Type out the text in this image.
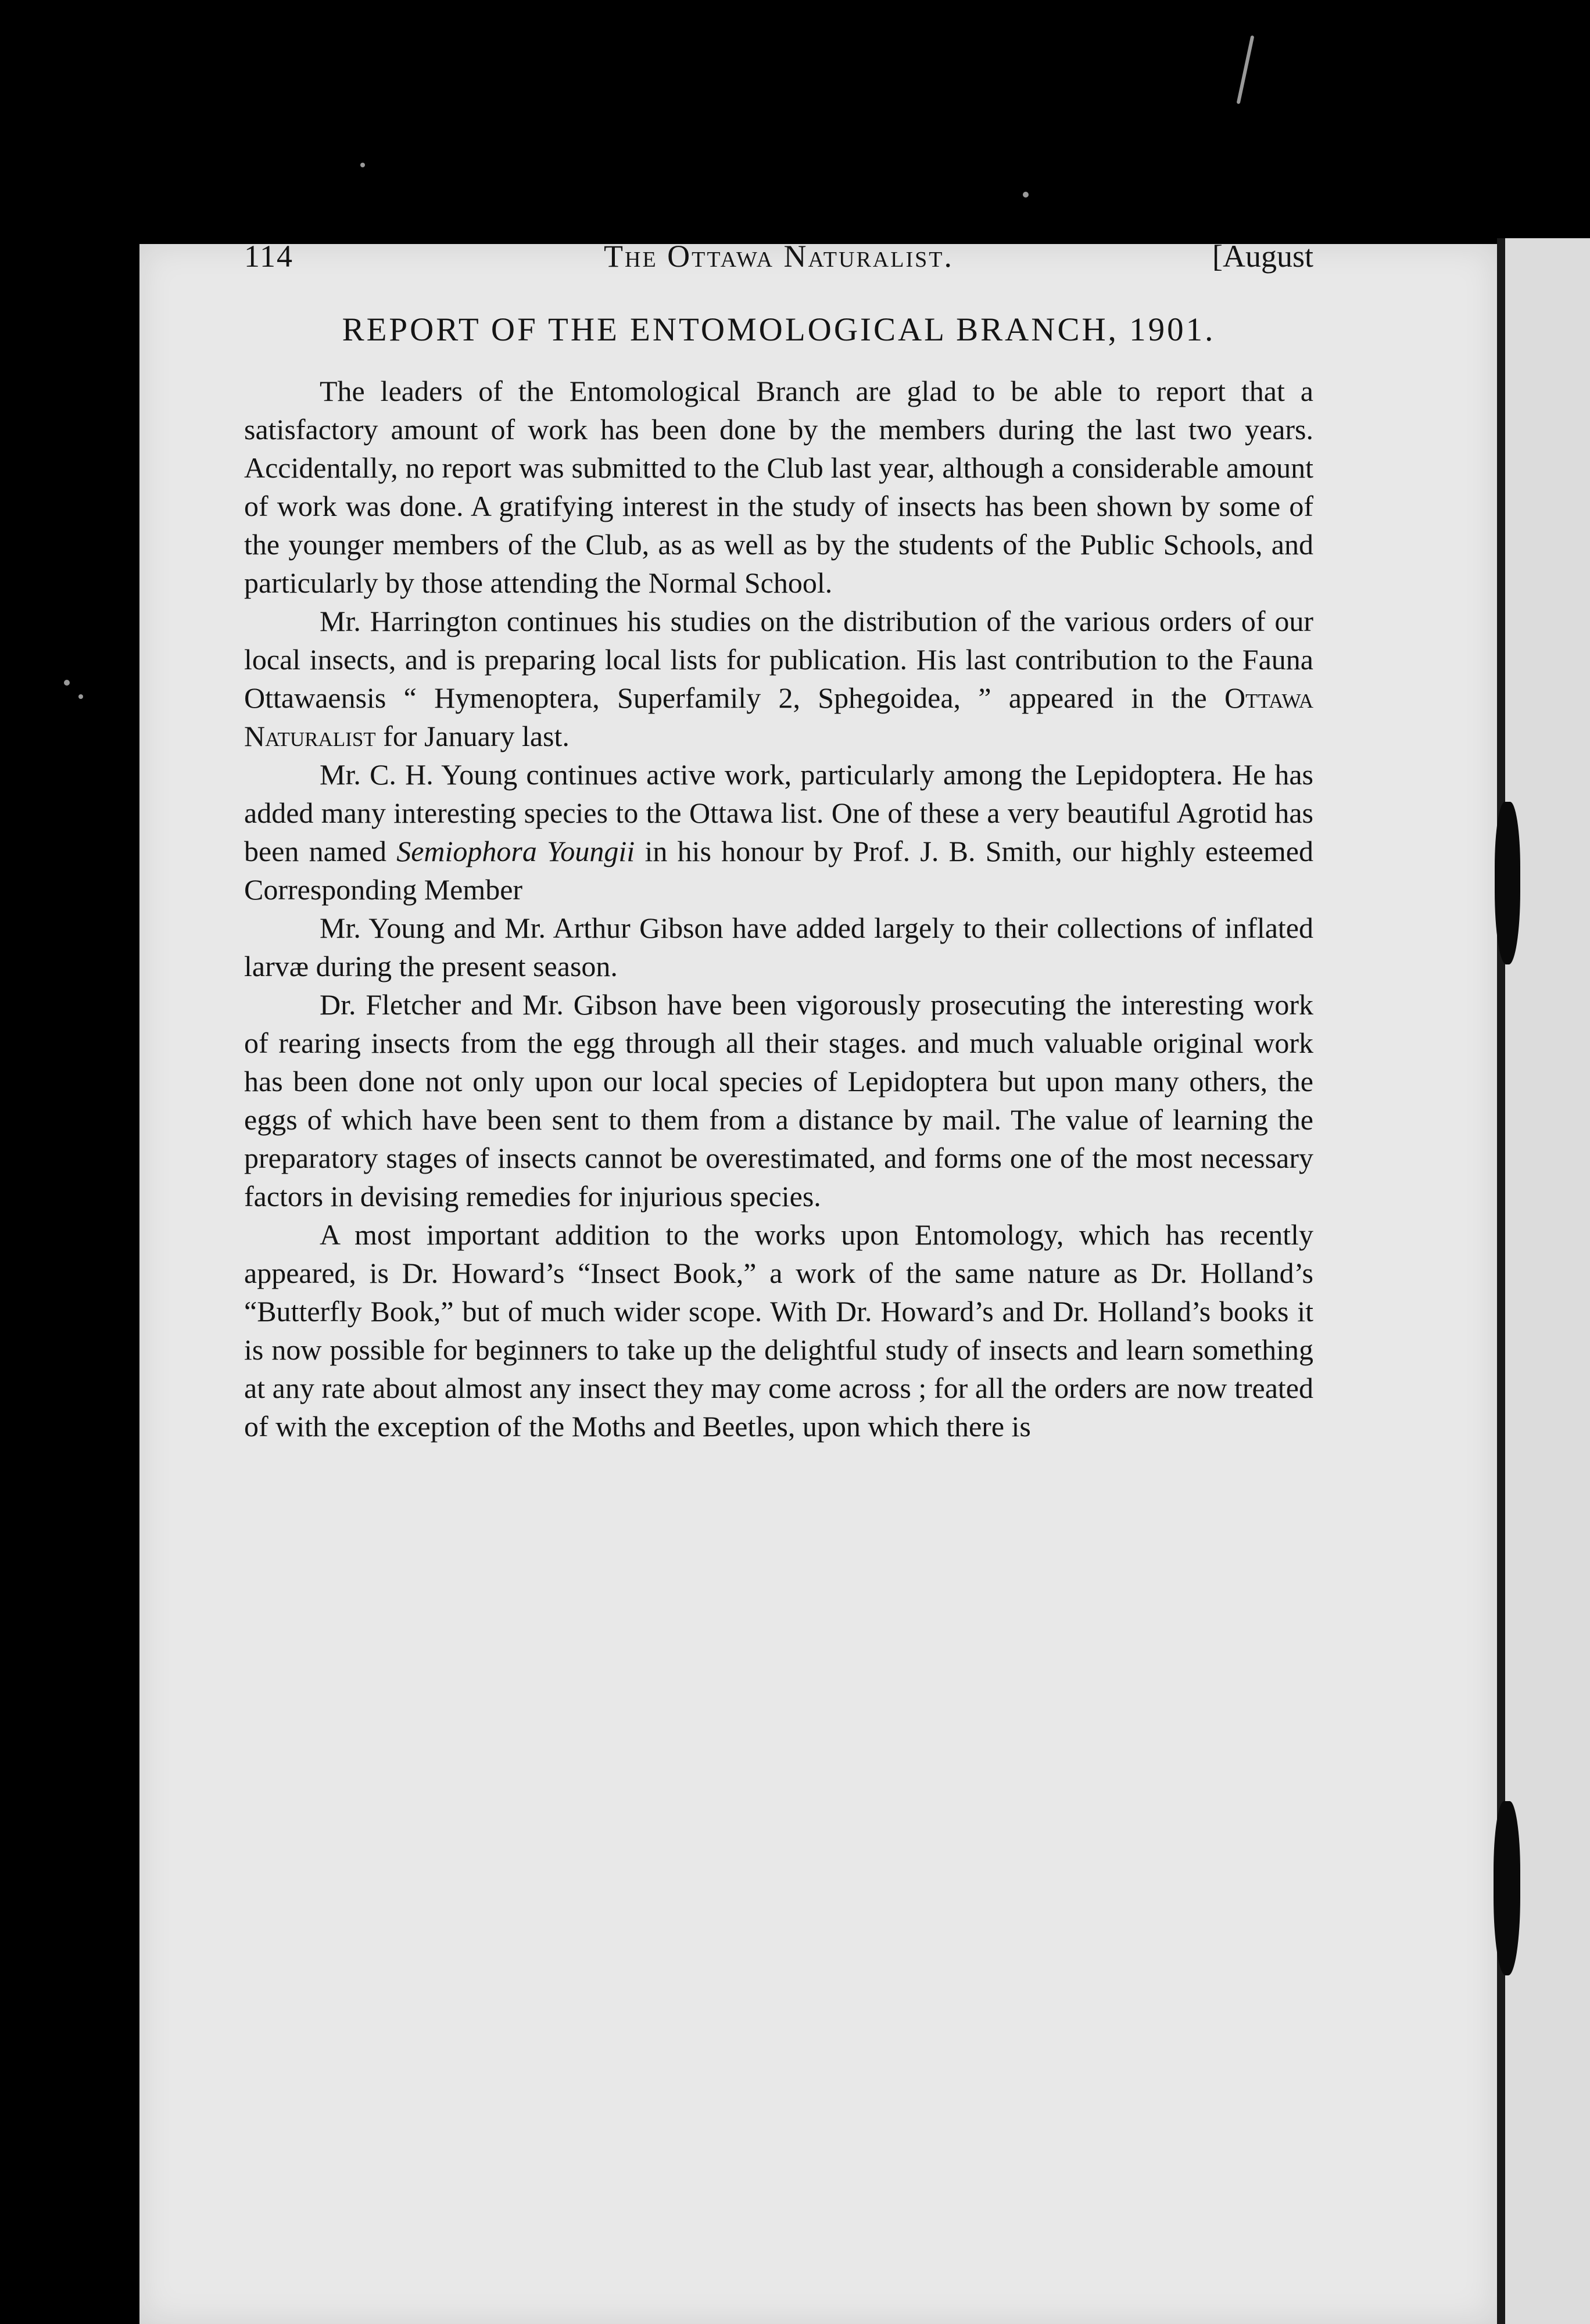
114	The Ottawa Naturalist.	[August
REPORT OF THE ENTOMOLOGICAL BRANCH, 1901.

The leaders of the Entomological Branch are glad to be able to report that a satisfactory amount of work has been done by the members during the last two years. Accidentally, no report was submitted to the Club last year, although a considerable amount of work was done. A gratifying interest in the study of insects has been shown by some of the younger members of the Club, as as well as by the students of the Public Schools, and particularly by those attending the Normal School.

Mr. Harrington continues his studies on the distribution of the various orders of our local insects, and is preparing local lists for publication. His last contribution to the Fauna Ottawaensis “ Hymenoptera, Superfamily 2, Sphegoidea, ” appeared in the Ottawa Naturalist for January last.

Mr. C. H. Young continues active work, particularly among the Lepidoptera. He has added many interesting species to the Ottawa list. One of these a very beautiful Agrotid has been named Semiophora Youngii in his honour by Prof. J. B. Smith, our highly esteemed Corresponding Member

Mr. Young and Mr. Arthur Gibson have added largely to their collections of inflated larvæ during the present season.

Dr. Fletcher and Mr. Gibson have been vigorously prosecuting the interesting work of rearing insects from the egg through all their stages. and much valuable original work has been done not only upon our local species of Lepidoptera but upon many others, the eggs of which have been sent to them from a distance by mail. The value of learning the preparatory stages of insects cannot be overestimated, and forms one of the most necessary factors in devising remedies for injurious species.

A most important addition to the works upon Entomology, which has recently appeared, is Dr. Howard’s “Insect Book,” a work of the same nature as Dr. Holland’s “Butterfly Book,” but of much wider scope. With Dr. Howard’s and Dr. Holland’s books it is now possible for beginners to take up the delightful study of insects and learn something at any rate about almost any insect they may come across ; for all the orders are now treated of with the exception of the Moths and Beetles, upon which there is
